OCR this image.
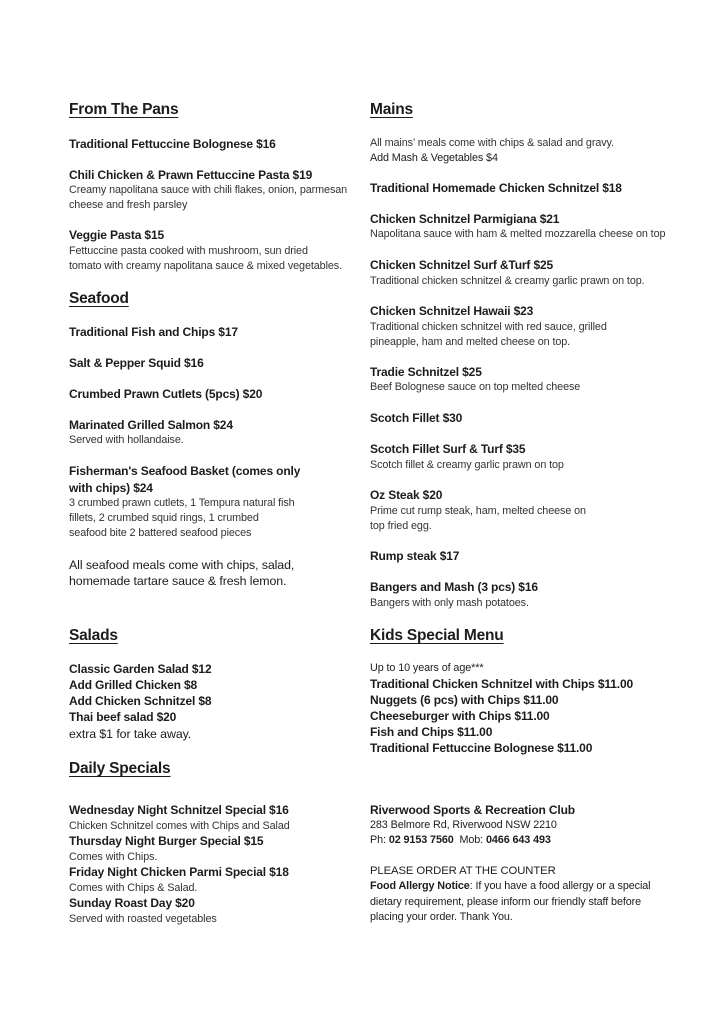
From The Pans
Traditional Fettuccine Bolognese $16
Chili Chicken & Prawn Fettuccine Pasta $19
Creamy napolitana sauce with chili flakes, onion, parmesan
cheese and fresh parsley
Veggie Pasta $15
Fettuccine pasta cooked with mushroom, sun dried
tomato with creamy napolitana sauce & mixed vegetables.
Seafood
Traditional Fish and Chips $17
Salt & Pepper Squid $16
Crumbed Prawn Cutlets (5pcs) $20
Marinated Grilled Salmon $24
Served with hollandaise.
Fisherman's Seafood Basket (comes only
with chips) $24
3 crumbed prawn cutlets, 1 Tempura natural fish
fillets, 2 crumbed squid rings, 1 crumbed
seafood bite 2 battered seafood pieces
All seafood meals come with chips, salad,
homemade tartare sauce & fresh lemon.
Salads
Classic Garden Salad $12
Add Grilled Chicken $8
Add Chicken Schnitzel $8
Thai beef salad $20
extra $1 for take away.
Daily Specials
Wednesday Night Schnitzel Special $16
Chicken Schnitzel comes with Chips and Salad
Thursday Night Burger Special $15
Comes with Chips.
Friday Night Chicken Parmi Special $18
Comes with Chips & Salad.
Sunday Roast Day $20
Served with roasted vegetables
Mains
All mains’ meals come with chips & salad and gravy.
Add Mash & Vegetables $4
Traditional Homemade Chicken Schnitzel $18
Chicken Schnitzel Parmigiana $21
Napolitana sauce with ham & melted mozzarella cheese on top
Chicken Schnitzel Surf &Turf $25
Traditional chicken schnitzel & creamy garlic prawn on top.
Chicken Schnitzel Hawaii $23
Traditional chicken schnitzel with red sauce, grilled
pineapple, ham and melted cheese on top.
Tradie Schnitzel $25
Beef Bolognese sauce on top melted cheese
Scotch Fillet $30
Scotch Fillet Surf & Turf $35
Scotch fillet & creamy garlic prawn on top
Oz Steak $20
Prime cut rump steak, ham, melted cheese on
top fried egg.
Rump steak $17
Bangers and Mash (3 pcs) $16
Bangers with only mash potatoes.
Kids Special Menu
Up to 10 years of age***
Traditional Chicken Schnitzel with Chips $11.00
Nuggets (6 pcs) with Chips $11.00
Cheeseburger with Chips $11.00
Fish and Chips $11.00
Traditional Fettuccine Bolognese $11.00
Riverwood Sports & Recreation Club
283 Belmore Rd, Riverwood NSW 2210
Ph: 02 9153 7560  Mob: 0466 643 493
PLEASE ORDER AT THE COUNTER
Food Allergy Notice: If you have a food allergy or a special dietary requirement, please inform our friendly staff before placing your order. Thank You.
